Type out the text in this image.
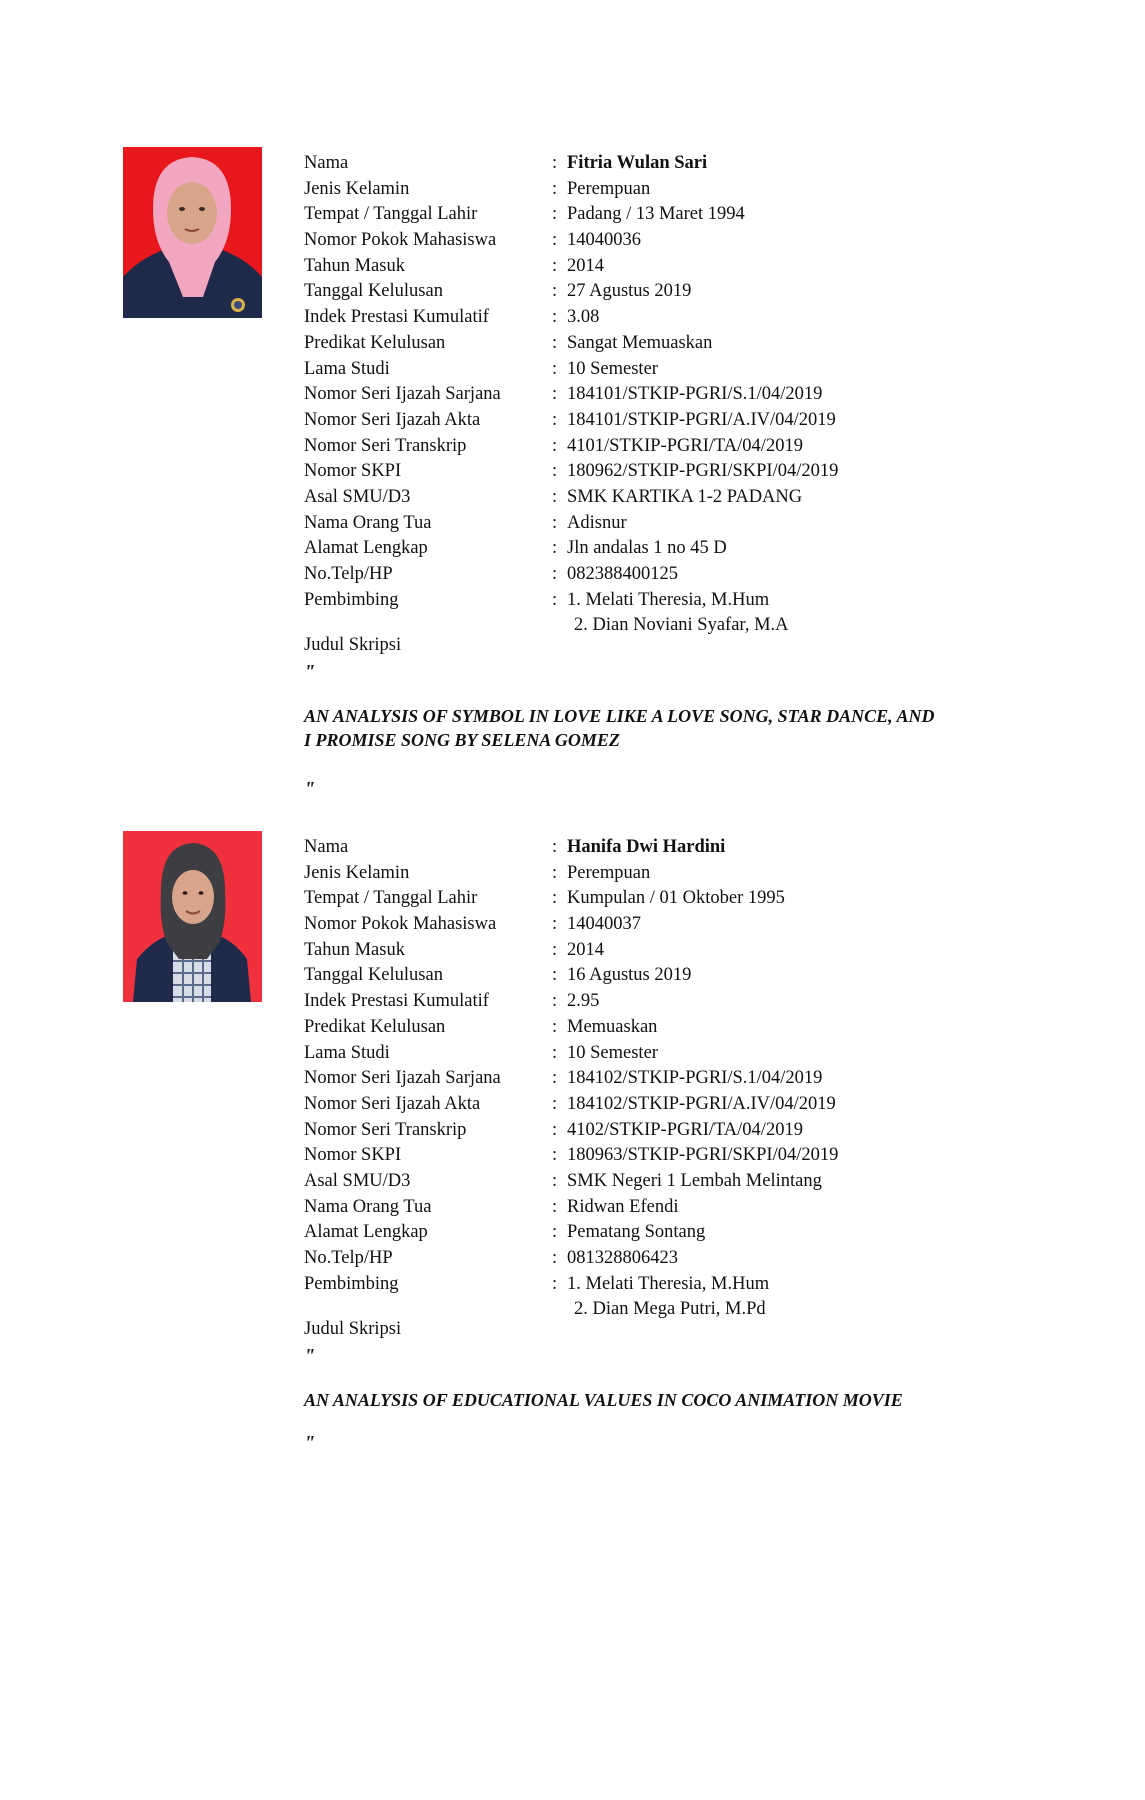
Nama	: Fitria Wulan Sari
Jenis Kelamin	: Perempuan
Tempat / Tanggal Lahir	: Padang / 13 Maret 1994
Nomor Pokok Mahasiswa	: 14040036
Tahun Masuk	: 2014
Tanggal Kelulusan	: 27 Agustus 2019
Indek Prestasi Kumulatif	: 3.08
Predikat Kelulusan	: Sangat Memuaskan
Lama Studi	: 10 Semester
Nomor Seri Ijazah Sarjana	: 184101/STKIP-PGRI/S.1/04/2019
Nomor Seri Ijazah Akta	: 184101/STKIP-PGRI/A.IV/04/2019
Nomor Seri Transkrip	: 4101/STKIP-PGRI/TA/04/2019
Nomor SKPI	: 180962/STKIP-PGRI/SKPI/04/2019
Asal SMU/D3	: SMK KARTIKA 1-2 PADANG
Nama Orang Tua	: Adisnur
Alamat Lengkap	: Jln andalas 1 no 45 D
No.Telp/HP	: 082388400125
Pembimbing	: 1. Melati Theresia, M.Hum
2. Dian Noviani Syafar, M.A
Judul Skripsi
"
AN ANALYSIS OF SYMBOL IN LOVE LIKE A LOVE SONG, STAR DANCE, AND
I PROMISE SONG BY SELENA GOMEZ
"
Nama	: Hanifa Dwi Hardini
Jenis Kelamin	: Perempuan
Tempat / Tanggal Lahir	: Kumpulan / 01 Oktober 1995
Nomor Pokok Mahasiswa	: 14040037
Tahun Masuk	: 2014
Tanggal Kelulusan	: 16 Agustus 2019
Indek Prestasi Kumulatif	: 2.95
Predikat Kelulusan	: Memuaskan
Lama Studi	: 10 Semester
Nomor Seri Ijazah Sarjana	: 184102/STKIP-PGRI/S.1/04/2019
Nomor Seri Ijazah Akta	: 184102/STKIP-PGRI/A.IV/04/2019
Nomor Seri Transkrip	: 4102/STKIP-PGRI/TA/04/2019
Nomor SKPI	: 180963/STKIP-PGRI/SKPI/04/2019
Asal SMU/D3	: SMK Negeri 1 Lembah Melintang
Nama Orang Tua	: Ridwan Efendi
Alamat Lengkap	: Pematang Sontang
No.Telp/HP	: 081328806423
Pembimbing	: 1. Melati Theresia, M.Hum
2. Dian Mega Putri, M.Pd
Judul Skripsi
"
AN ANALYSIS OF EDUCATIONAL VALUES IN COCO ANIMATION MOVIE
"
